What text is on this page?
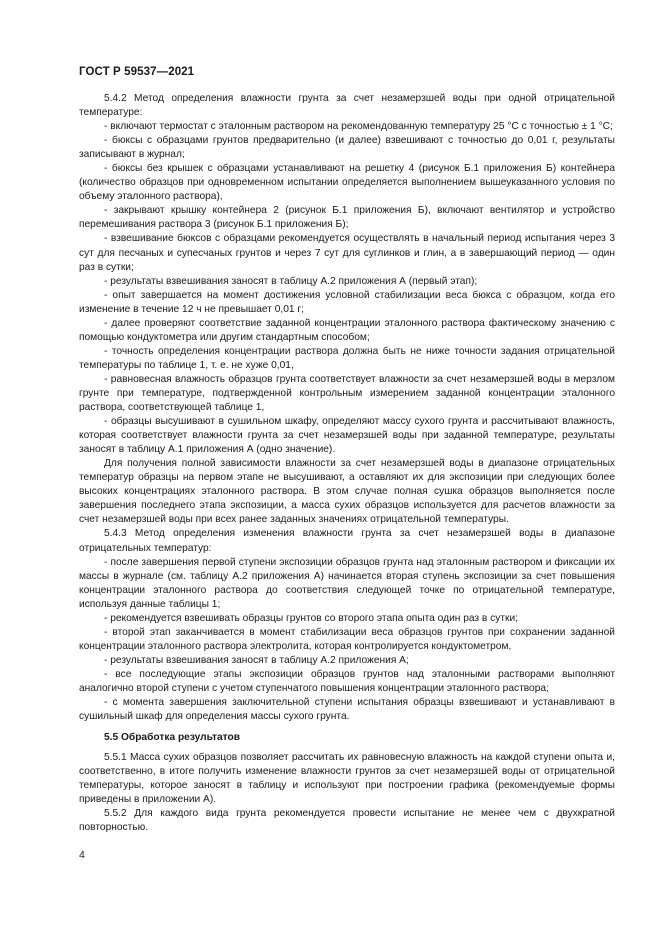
ГОСТ Р 59537—2021

5.4.2 Метод определения влажности грунта за счет незамерзшей воды при одной отрицательной температуре:

- включают термостат с эталонным раствором на рекомендованную температуру 25 °С с точностью ± 1 °С;

- бюксы с образцами грунтов предварительно (и далее) взвешивают с точностью до 0,01 г, результаты записывают в журнал;

- бюксы без крышек с образцами устанавливают на решетку 4 (рисунок Б.1 приложения Б) контейнера (количество образцов при одновременном испытании определяется выполнением вышеуказанного условия по объему эталонного раствора),

- закрывают крышку контейнера 2 (рисунок Б.1 приложения Б), включают вентилятор и устройство перемешивания раствора 3 (рисунок Б.1 приложения Б);

- взвешивание бюксов с образцами рекомендуется осуществлять в начальный период испытания через 3 сут для песчаных и супесчаных грунтов и через 7 сут для суглинков и глин, а в завершающий период — один раз в сутки;

- результаты взвешивания заносят в таблицу А.2 приложения А (первый этап);

- опыт завершается на момент достижения условной стабилизации веса бюкса с образцом, когда его изменение в течение 12 ч не превышает 0,01 г;

- далее проверяют соответствие заданной концентрации эталонного раствора фактическому значению с помощью кондуктометра или другим стандартным способом;

- точность определения концентрации раствора должна быть не ниже точности задания отрицательной температуры по таблице 1, т. е. не хуже 0,01,

- равновесная влажность образцов грунта соответствует влажности за счет незамерзшей воды в мерзлом грунте при температуре, подтвержденной контрольным измерением заданной концентрации эталонного раствора, соответствующей таблице 1,

- образцы высушивают в сушильном шкафу, определяют массу сухого грунта и рассчитывают влажность, которая соответствует влажности грунта за счет незамерзшей воды при заданной температуре, результаты заносят в таблицу А.1 приложения А (одно значение).

Для получения полной зависимости влажности за счет незамерзшей воды в диапазоне отрицательных температур образцы на первом этапе не высушивают, а оставляют их для экспозиции при следующих более высоких концентрациях эталонного раствора. В этом случае полная сушка образцов выполняется после завершения последнего этапа экспозиции, а масса сухих образцов используется для расчетов влажности за счет незамерзшей воды при всех ранее заданных значениях отрицательной температуры.

5.4.3 Метод определения изменения влажности грунта за счет незамерзшей воды в диапазоне отрицательных температур:

- после завершения первой ступени экспозиции образцов грунта над эталонным раствором и фиксации их массы в журнале (см. таблицу А.2 приложения А) начинается вторая ступень экспозиции за счет повышения концентрации эталонного раствора до соответствия следующей точке по отрицательной температуре, используя данные таблицы 1;

- рекомендуется взвешивать образцы грунтов со второго этапа опыта один раз в сутки;

- второй этап заканчивается в момент стабилизации веса образцов грунтов при сохранении заданной концентрации эталонного раствора электролита, которая контролируется кондуктометром,

- результаты взвешивания заносят в таблицу А.2 приложения А;

- все последующие этапы экспозиции образцов грунтов над эталонными растворами выполняют аналогично второй ступени с учетом ступенчатого повышения концентрации эталонного раствора;

- с момента завершения заключительной ступени испытания образцы взвешивают и устанавливают в сушильный шкаф для определения массы сухого грунта.

5.5 Обработка результатов

5.5.1 Масса сухих образцов позволяет рассчитать их равновесную влажность на каждой ступени опыта и, соответственно, в итоге получить изменение влажности грунтов за счет незамерзшей воды от отрицательной температуры, которое заносят в таблицу и используют при построении графика (рекомендуемые формы приведены в приложении А).

5.5.2 Для каждого вида грунта рекомендуется провести испытание не менее чем с двухкратной повторностью.

4
